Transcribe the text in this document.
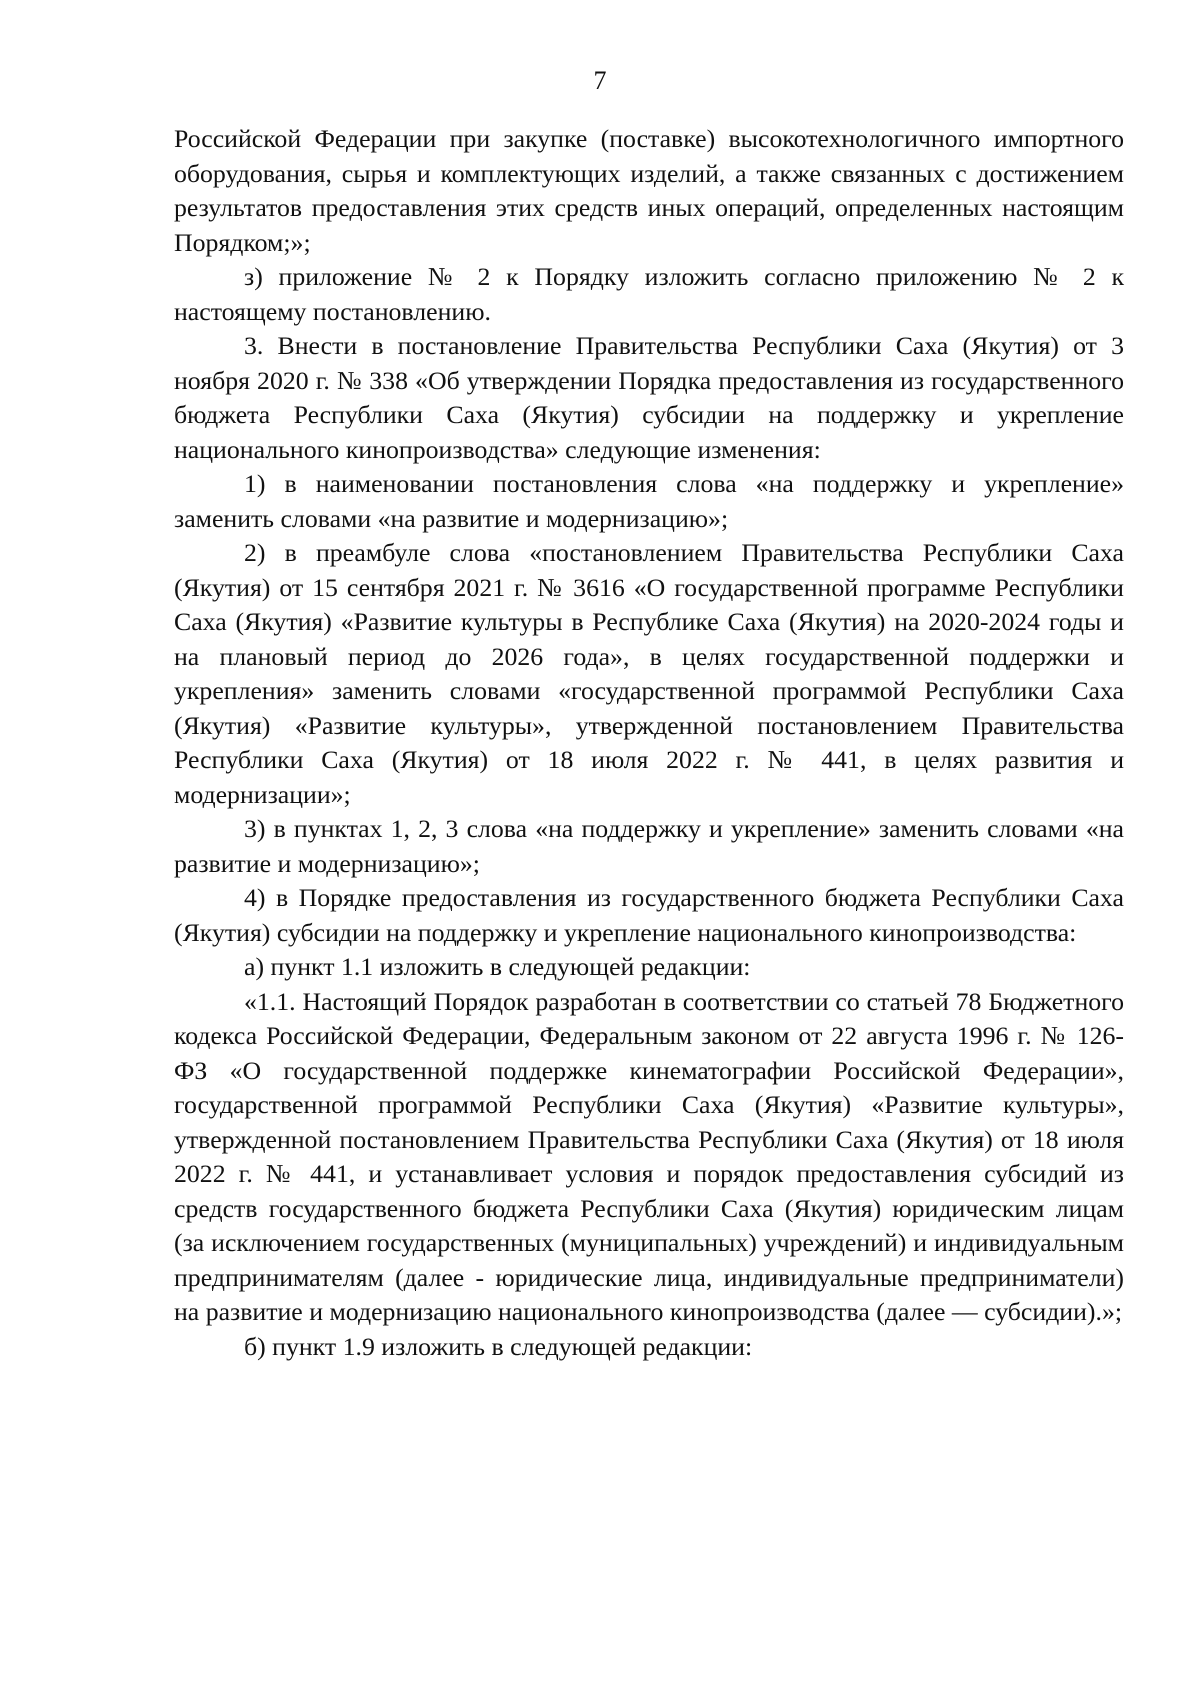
7

Российской Федерации при закупке (поставке) высокотехнологичного импортного оборудования, сырья и комплектующих изделий, а также связанных с достижением результатов предоставления этих средств иных операций, определенных настоящим Порядком;»;

з) приложение № 2 к Порядку изложить согласно приложению № 2 к настоящему постановлению.

3. Внести в постановление Правительства Республики Саха (Якутия) от 3 ноября 2020 г. № 338 «Об утверждении Порядка предоставления из государственного бюджета Республики Саха (Якутия) субсидии на поддержку и укрепление национального кинопроизводства» следующие изменения:

1) в наименовании постановления слова «на поддержку и укрепление» заменить словами «на развитие и модернизацию»;

2) в преамбуле слова «постановлением Правительства Республики Саха (Якутия) от 15 сентября 2021 г. № 3616 «О государственной программе Республики Саха (Якутия) «Развитие культуры в Республике Саха (Якутия) на 2020-2024 годы и на плановый период до 2026 года», в целях государственной поддержки и укрепления» заменить словами «государственной программой Республики Саха (Якутия) «Развитие культуры», утвержденной постановлением Правительства Республики Саха (Якутия) от 18 июля 2022 г. № 441, в целях развития и модернизации»;

3) в пунктах 1, 2, 3 слова «на поддержку и укрепление» заменить словами «на развитие и модернизацию»;

4) в Порядке предоставления из государственного бюджета Республики Саха (Якутия) субсидии на поддержку и укрепление национального кинопроизводства:

а) пункт 1.1 изложить в следующей редакции:

«1.1. Настоящий Порядок разработан в соответствии со статьей 78 Бюджетного кодекса Российской Федерации, Федеральным законом от 22 августа 1996 г. № 126-ФЗ «О государственной поддержке кинематографии Российской Федерации», государственной программой Республики Саха (Якутия) «Развитие культуры», утвержденной постановлением Правительства Республики Саха (Якутия) от 18 июля 2022 г. № 441, и устанавливает условия и порядок предоставления субсидий из средств государственного бюджета Республики Саха (Якутия) юридическим лицам (за исключением государственных (муниципальных) учреждений) и индивидуальным предпринимателям (далее - юридические лица, индивидуальные предприниматели) на развитие и модернизацию национального кинопроизводства (далее — субсидии).»;

б) пункт 1.9 изложить в следующей редакции:
